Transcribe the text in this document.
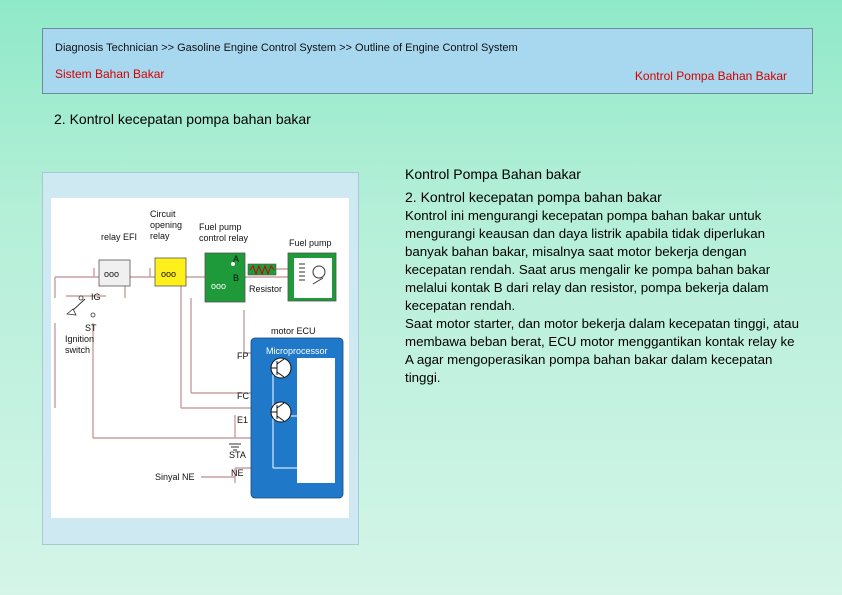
Diagnosis Technician >> Gasoline Engine Control System >> Outline of Engine Control System
Sistem Bahan Bakar	Kontrol Pompa Bahan Bakar
2. Kontrol kecepatan pompa bahan bakar
ooo
relay EFI
ooo
Circuit
opening
relay
ooo
Fuel pump
control relay
A
B
Resistor
Fuel pump
IG
ST
Ignition
switch
motor ECU
Microprocessor
FP
FC
E1
STA
NE
Sinyal NE
Kontrol Pompa Bahan bakar
2. Kontrol kecepatan pompa bahan bakar

Kontrol ini mengurangi kecepatan pompa bahan bakar untuk mengurangi keausan dan daya listrik apabila tidak diperlukan banyak bahan bakar, misalnya saat motor bekerja dengan kecepatan rendah. Saat arus mengalir ke pompa bahan bakar melalui kontak B dari relay dan resistor, pompa bekerja dalam kecepatan rendah.

Saat motor starter, dan motor bekerja dalam kecepatan tinggi, atau membawa beban berat, ECU motor menggantikan kontak relay ke A agar mengoperasikan pompa bahan bakar dalam kecepatan tinggi.
